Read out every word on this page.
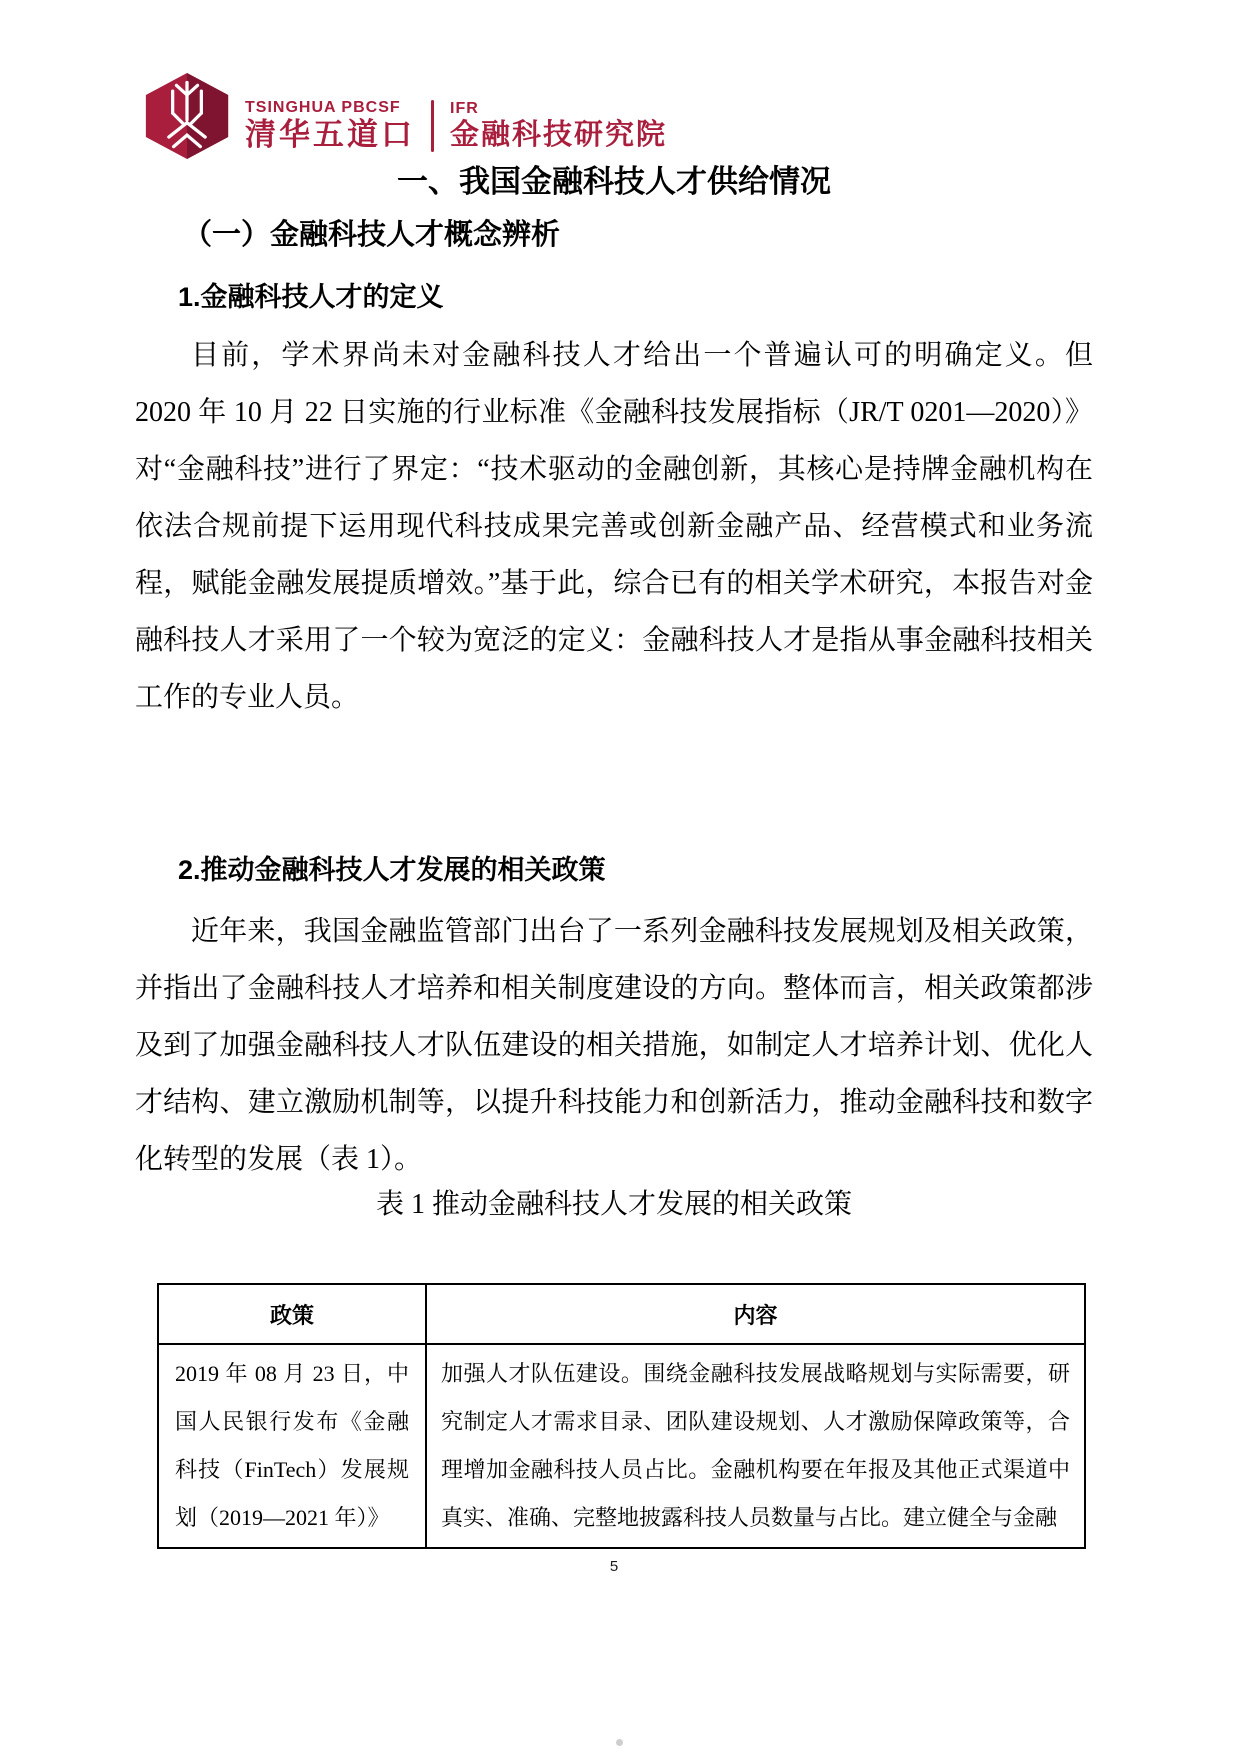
TSINGHUA PBCSF
清华五道口
IFR
金融科技研究院
一、我国金融科技人才供给情况
（一）金融科技人才概念辨析
1.金融科技人才的定义

目前，学术界尚未对金融科技人才给出一个普遍认可的明确定义。但 2020 年 10 月 22 日实施的行业标准《金融科技发展指标（JR/T 0201—2020）》对“金融科技”进行了界定：“技术驱动的金融创新，其核心是持牌金融机构在依法合规前提下运用现代科技成果完善或创新金融产品、经营模式和业务流程，赋能金融发展提质增效。”基于此，综合已有的相关学术研究，本报告对金融科技人才采用了一个较为宽泛的定义：金融科技人才是指从事金融科技相关工作的专业人员。

2.推动金融科技人才发展的相关政策

近年来，我国金融监管部门出台了一系列金融科技发展规划及相关政策，并指出了金融科技人才培养和相关制度建设的方向。整体而言，相关政策都涉及到了加强金融科技人才队伍建设的相关措施，如制定人才培养计划、优化人才结构、建立激励机制等，以提升科技能力和创新活力，推动金融科技和数字化转型的发展（表 1）。

表 1 推动金融科技人才发展的相关政策
政策	内容
2019 年 08 月 23 日，中国人民银行发布《金融科技（FinTech）发展规划（2019—2021 年）》	加强人才队伍建设。围绕金融科技发展战略规划与实际需要，研究制定人才需求目录、团队建设规划、人才激励保障政策等，合理增加金融科技人员占比。金融机构要在年报及其他正式渠道中真实、准确、完整地披露科技人员数量与占比。建立健全与金融
5
